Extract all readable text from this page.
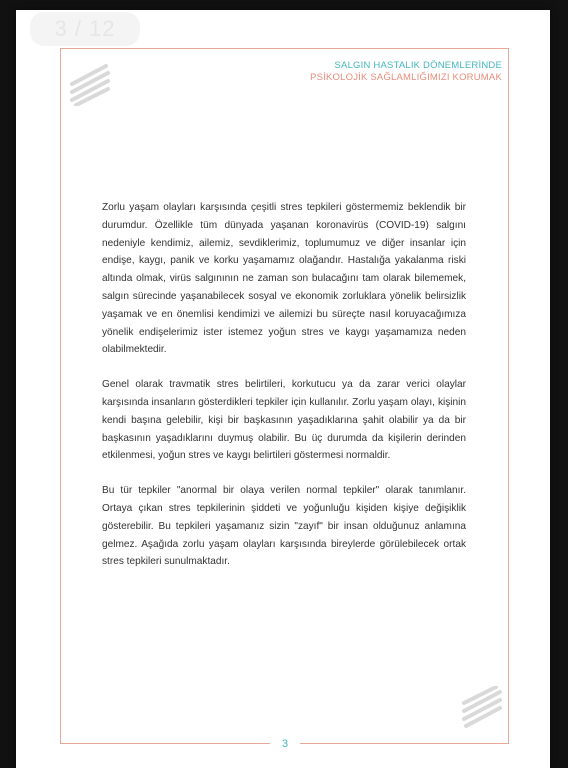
SALGIN HASTALIK DÖNEMLERİNDE
PSİKOLOJİK SAĞLAMLIĞIMIZI KORUMAK

Zorlu yaşam olayları karşısında çeşitli stres tepkileri göstermemiz beklendik bir durumdur. Özellikle tüm dünyada yaşanan koronavirüs (COVID-19) salgını nedeniyle kendimiz, ailemiz, sevdiklerimiz, toplumumuz ve diğer insanlar için endişe, kaygı, panik ve korku yaşamamız olağandır. Hastalığa yakalanma riski altında olmak, virüs salgınının ne zaman son bulacağını tam olarak bilememek, salgın sürecinde yaşanabilecek sosyal ve ekonomik zorluklara yönelik belirsizlik yaşamak ve en önemlisi kendimizi ve ailemizi bu süreçte nasıl koruyacağımıza yönelik endişelerimiz ister istemez yoğun stres ve kaygı yaşamamıza neden olabilmektedir.

Genel olarak travmatik stres belirtileri, korkutucu ya da zarar verici olaylar karşısında insanların gösterdikleri tepkiler için kullanılır. Zorlu yaşam olayı, kişinin kendi başına gelebilir, kişi bir başkasının yaşadıklarına şahit olabilir ya da bir başkasının yaşadıklarını duymuş olabilir. Bu üç durumda da kişilerin derinden etkilenmesi, yoğun stres ve kaygı belirtileri göstermesi normaldir.

Bu tür tepkiler "anormal bir olaya verilen normal tepkiler" olarak tanımlanır. Ortaya çıkan stres tepkilerinin şiddeti ve yoğunluğu kişiden kişiye değişiklik gösterebilir. Bu tepkileri yaşamanız sizin "zayıf" bir insan olduğunuz anlamına gelmez. Aşağıda zorlu yaşam olayları karşısında bireylerde görülebilecek ortak stres tepkileri sunulmaktadır.

3
3 / 12
